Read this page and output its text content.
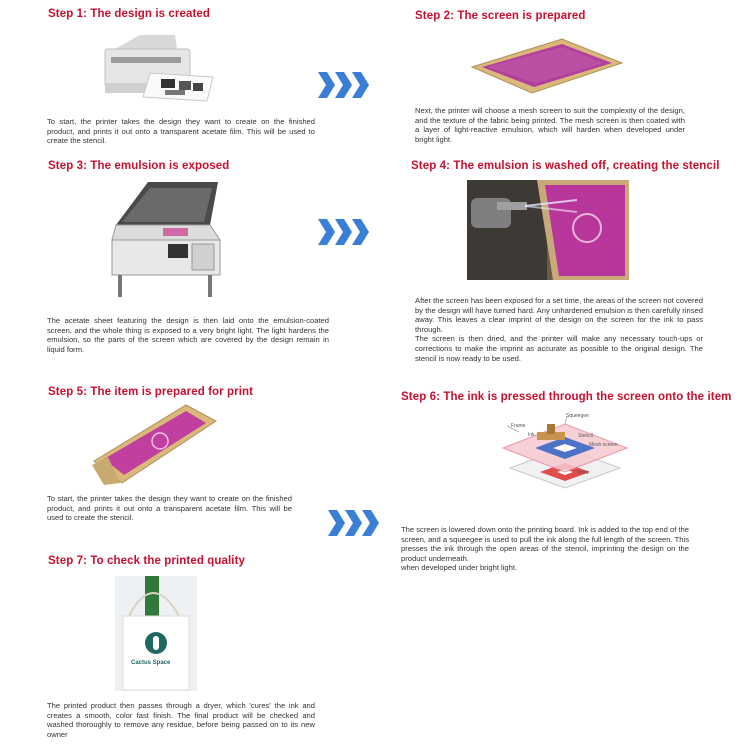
Step 1: The design is created
To start, the printer takes the design they want to create on the finished product, and prints it out onto a transparent acetate film. This will be used to create the stencil.
Step 2: The screen is prepared
Next, the printer will choose a mesh screen to suit the complexity of the design, and the texture of the fabric being printed. The mesh screen is then coated with a layer of light-reactive emulsion, which will harden when developed under bright light.
Step 3: The emulsion is exposed
The acetate sheet featuring the design is then laid onto the emulsion-coated screen, and the whole thing is exposed to a very bright light. The light hardens the emulsion, so the parts of the screen which are covered by the design remain in liquid form.
Step 4: The emulsion is washed off, creating the stencil

After the screen has been exposed for a set time, the areas of the screen not covered by the design will have turned hard. Any unhardened emulsion is then carefully rinsed away. This leaves a clear imprint of the design on the screen for the ink to pass through.

The screen is then dried, and the printer will make any necessary touch-ups or corrections to make the imprint as accurate as possible to the original design. The stencil is now ready to be used.

Step 5: The item is prepared for print
To start, the printer takes the design they want to create on the finished product, and prints it out onto a transparent acetate film. This will be used to create the stencil.
Step 6: The ink is pressed through the screen onto the item
Frame
Ink
Squeegee
Stencil
Mesh screen
Print

The screen is lowered down onto the printing board. Ink is added to the top end of the screen, and a squeegee is used to pull the ink along the full length of the screen. This presses the ink through the open areas of the stencil, imprinting the design on the product underneath.

when developed under bright light.

Step 7: To check the printed quality
Cactus Space
The printed product then passes through a dryer, which 'cures' the ink and creates a smooth, color fast finish. The final product will be checked and washed thoroughly to remove any residue, before being passed on to its new owner
